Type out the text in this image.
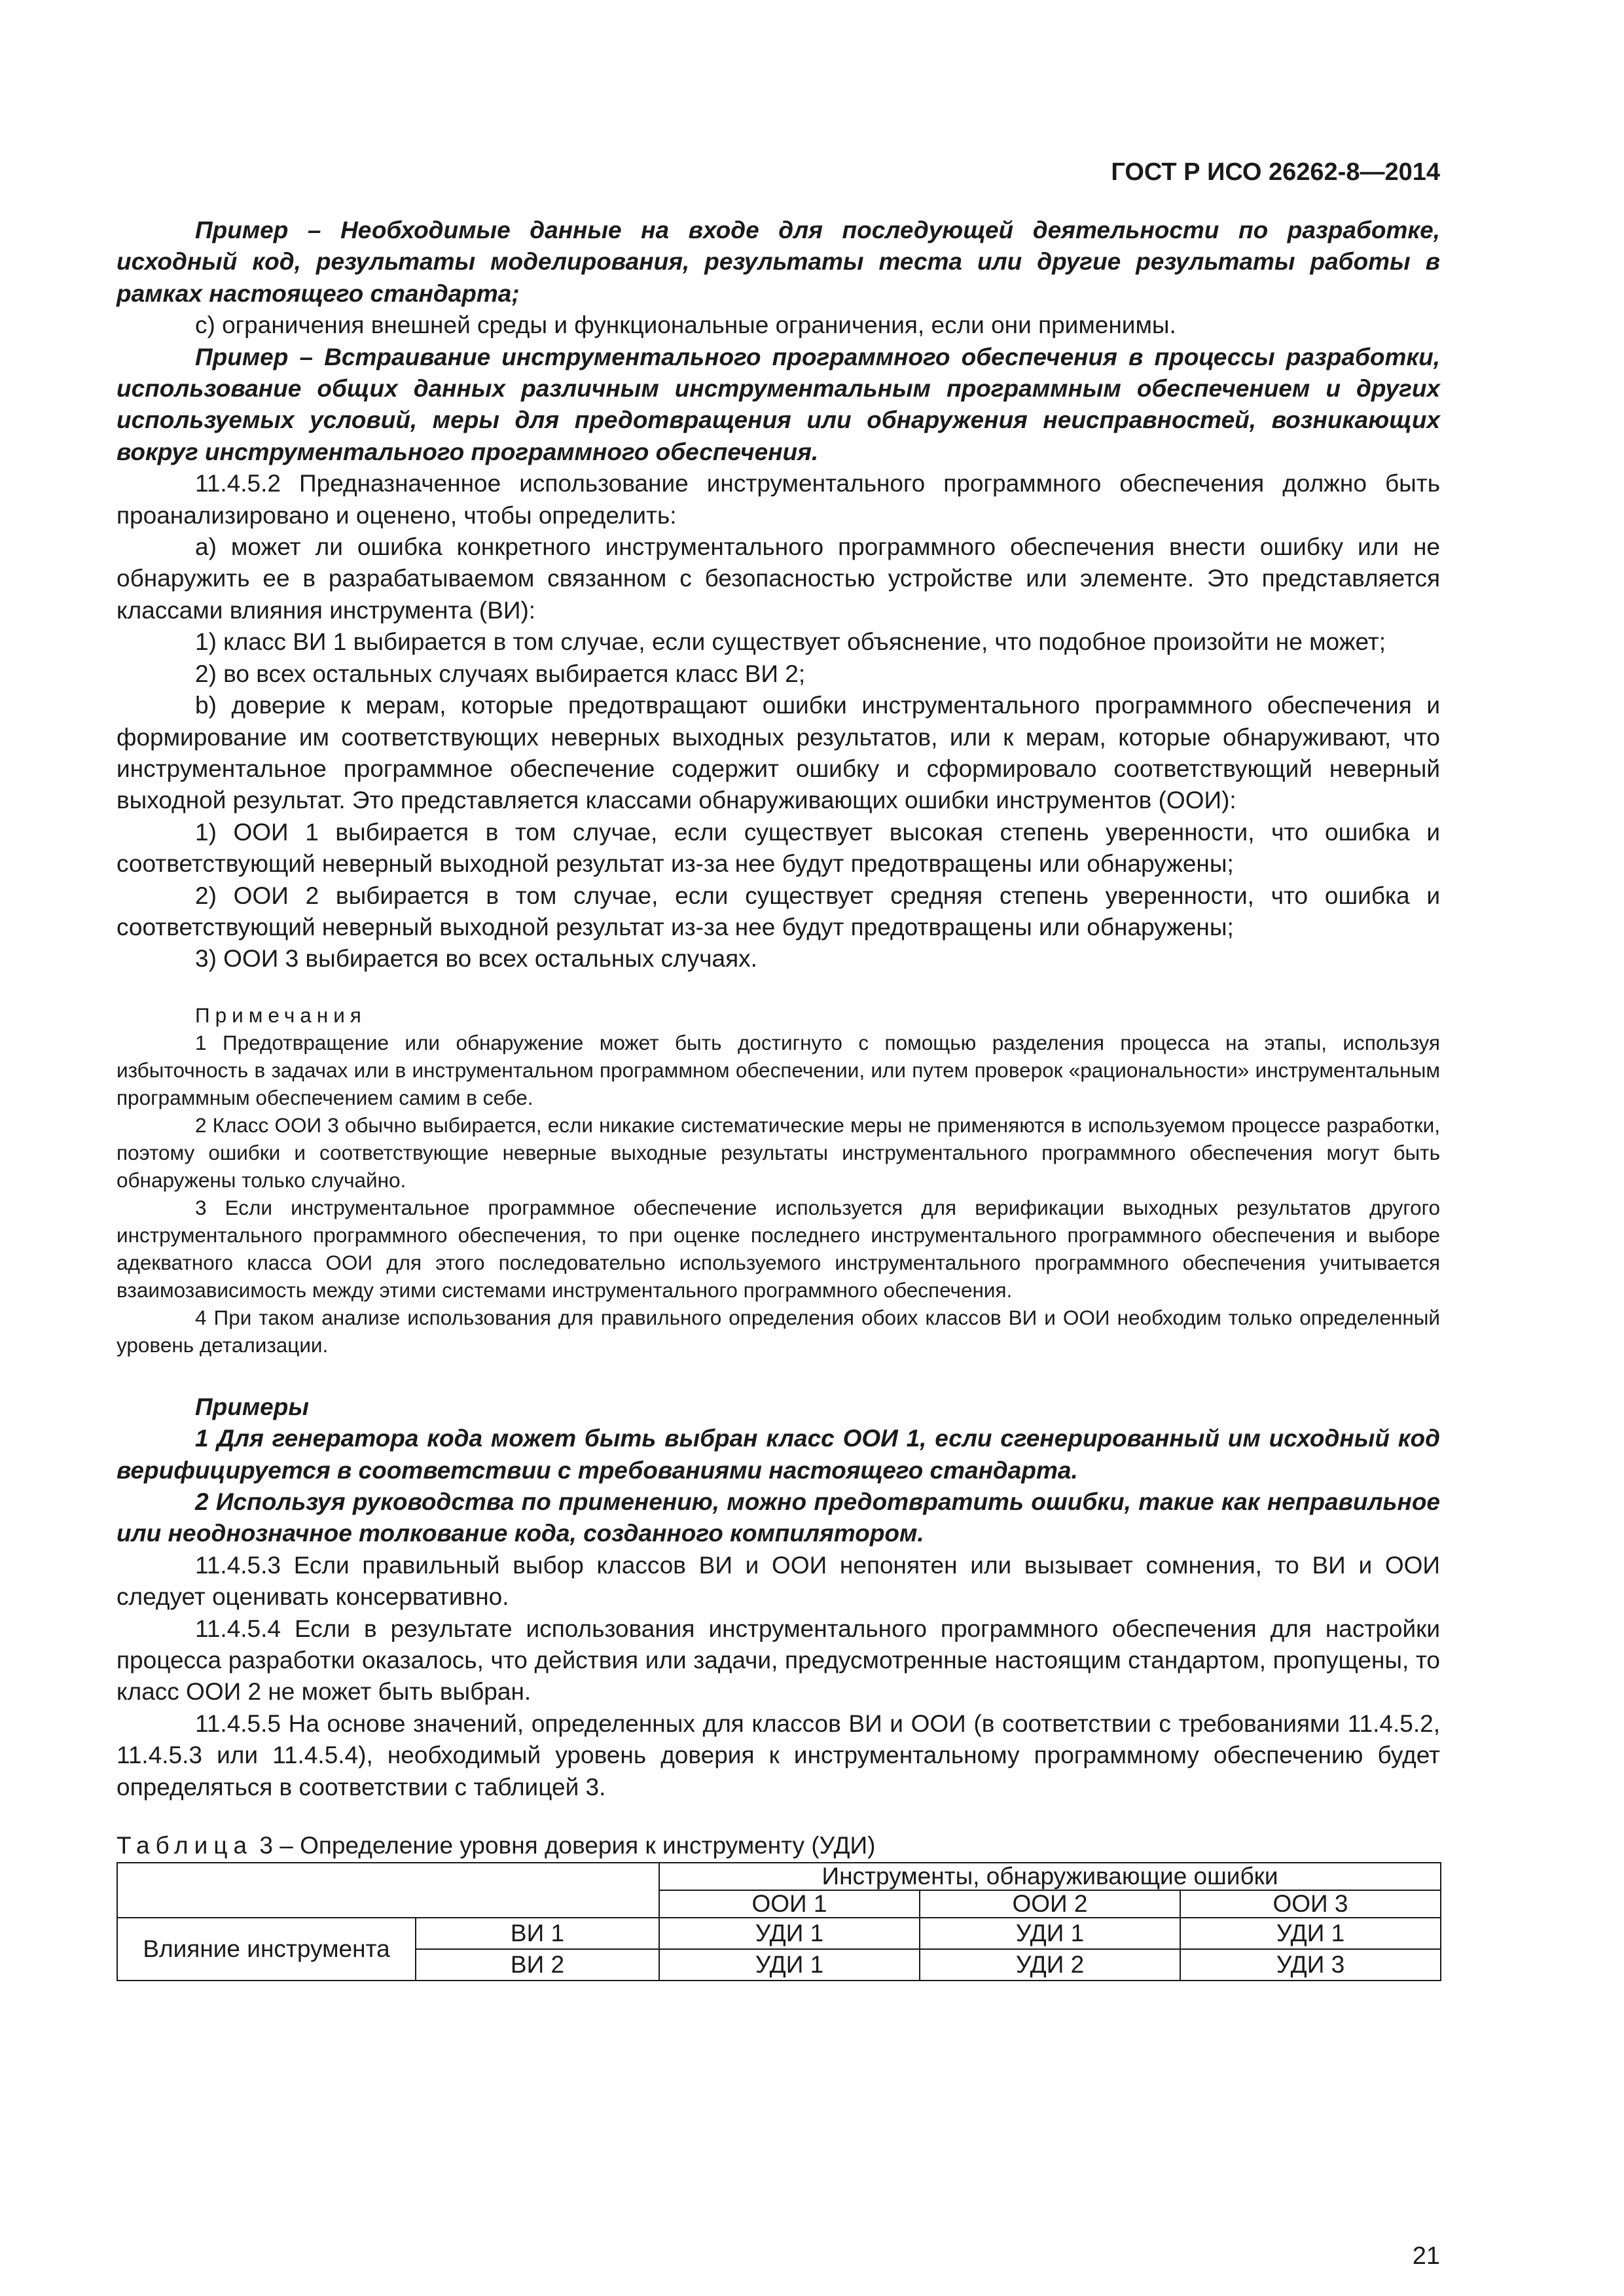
ГОСТ Р ИСО 26262-8—2014

Пример – Необходимые данные на входе для последующей деятельности по разработке, исходный код, результаты моделирования, результаты теста или другие результаты работы в рамках настоящего стандарта;

с) ограничения внешней среды и функциональные ограничения, если они применимы.

Пример – Встраивание инструментального программного обеспечения в процессы разработки, использование общих данных различным инструментальным программным обеспечением и других используемых условий, меры для предотвращения или обнаружения неисправностей, возникающих вокруг инструментального программного обеспечения.

11.4.5.2 Предназначенное использование инструментального программного обеспечения должно быть проанализировано и оценено, чтобы определить:

а) может ли ошибка конкретного инструментального программного обеспечения внести ошибку или не обнаружить ее в разрабатываемом связанном с безопасностью устройстве или элементе. Это представляется классами влияния инструмента (ВИ):

1) класс ВИ 1 выбирается в том случае, если существует объяснение, что подобное произойти не может;

2) во всех остальных случаях выбирается класс ВИ 2;

b) доверие к мерам, которые предотвращают ошибки инструментального программного обеспечения и формирование им соответствующих неверных выходных результатов, или к мерам, которые обнаруживают, что инструментальное программное обеспечение содержит ошибку и сформировало соответствующий неверный выходной результат. Это представляется классами обнаруживающих ошибки инструментов (ООИ):

1) ООИ 1 выбирается в том случае, если существует высокая степень уверенности, что ошибка и соответствующий неверный выходной результат из-за нее будут предотвращены или обнаружены;

2) ООИ 2 выбирается в том случае, если существует средняя степень уверенности, что ошибка и соответствующий неверный выходной результат из-за нее будут предотвращены или обнаружены;

3) ООИ 3 выбирается во всех остальных случаях.

Примечания

1 Предотвращение или обнаружение может быть достигнуто с помощью разделения процесса на этапы, используя избыточность в задачах или в инструментальном программном обеспечении, или путем проверок «рациональности» инструментальным программным обеспечением самим в себе.

2 Класс ООИ 3 обычно выбирается, если никакие систематические меры не применяются в используемом процессе разработки, поэтому ошибки и соответствующие неверные выходные результаты инструментального программного обеспечения могут быть обнаружены только случайно.

3 Если инструментальное программное обеспечение используется для верификации выходных результатов другого инструментального программного обеспечения, то при оценке последнего инструментального программного обеспечения и выборе адекватного класса ООИ для этого последовательно используемого инструментального программного обеспечения учитывается взаимозависимость между этими системами инструментального программного обеспечения.

4 При таком анализе использования для правильного определения обоих классов ВИ и ООИ необходим только определенный уровень детализации.

Примеры

1 Для генератора кода может быть выбран класс ООИ 1, если сгенерированный им исходный код верифицируется в соответствии с требованиями настоящего стандарта.

2 Используя руководства по применению, можно предотвратить ошибки, такие как неправильное или неоднозначное толкование кода, созданного компилятором.

11.4.5.3 Если правильный выбор классов ВИ и ООИ непонятен или вызывает сомнения, то ВИ и ООИ следует оценивать консервативно.

11.4.5.4 Если в результате использования инструментального программного обеспечения для настройки процесса разработки оказалось, что действия или задачи, предусмотренные настоящим стандартом, пропущены, то класс ООИ 2 не может быть выбран.

11.4.5.5 На основе значений, определенных для классов ВИ и ООИ (в соответствии с требованиями 11.4.5.2, 11.4.5.3 или 11.4.5.4), необходимый уровень доверия к инструментальному программному обеспечению будет определяться в соответствии с таблицей 3.

Таблица 3 – Определение уровня доверия к инструменту (УДИ)
		Инструменты, обнаруживающие ошибки		
		ООИ 1	ООИ 2	ООИ 3
Влияние инструмента	ВИ 1	УДИ 1	УДИ 1	УДИ 1
	ВИ 2	УДИ 1	УДИ 2	УДИ 3
21
